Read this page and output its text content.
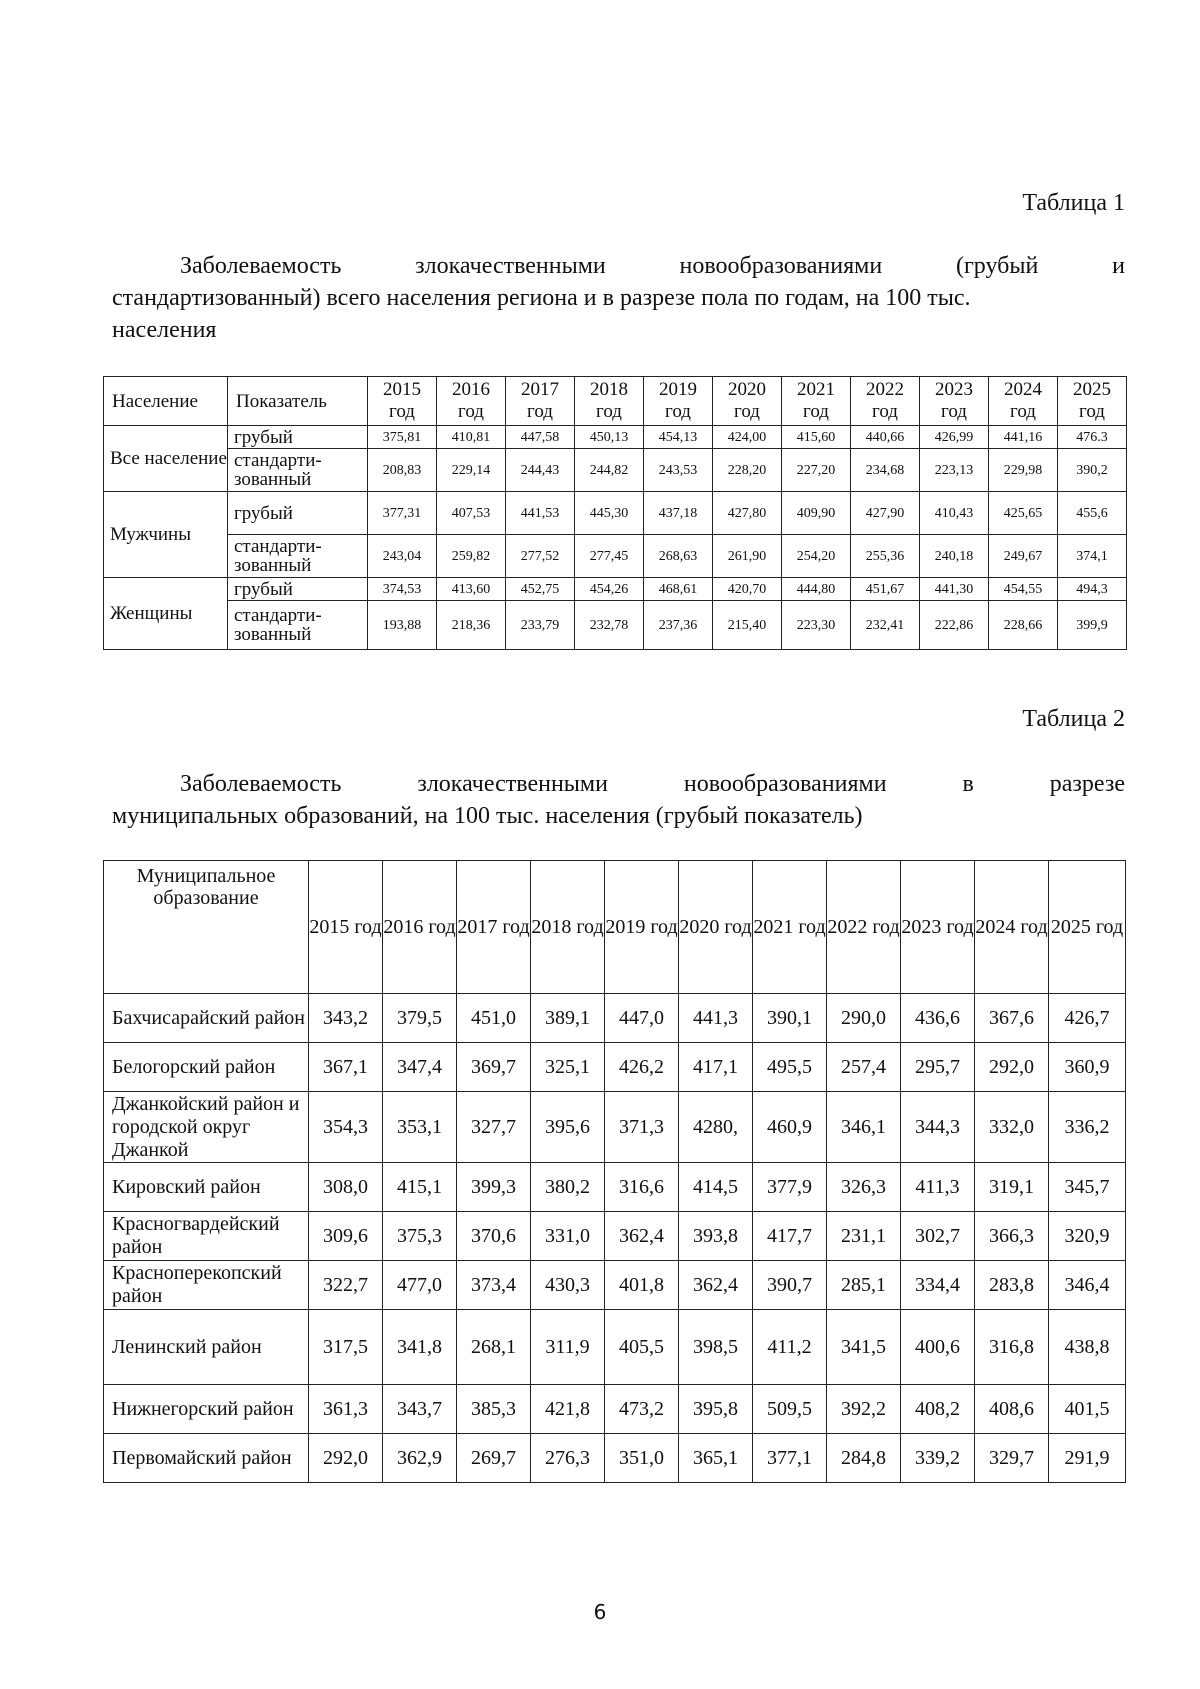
Таблица 1
Заболеваемость	злокачественными	новообразованиями	(грубый	и
стандартизованный) всего населения региона и в разрезе пола по годам, на 100 тыс.
населения
Население	Показатель	2015 год	2016 год	2017 год	2018 год	2019 год	2020 год	2021 год	2022 год	2023 год	2024 год	2025 год
Все население	грубый	375,81	410,81	447,58	450,13	454,13	424,00	415,60	440,66	426,99	441,16	476.3
	стандарти-зованный	208,83	229,14	244,43	244,82	243,53	228,20	227,20	234,68	223,13	229,98	390,2
Мужчины	грубый	377,31	407,53	441,53	445,30	437,18	427,80	409,90	427,90	410,43	425,65	455,6
	стандарти-зованный	243,04	259,82	277,52	277,45	268,63	261,90	254,20	255,36	240,18	249,67	374,1
Женщины	грубый	374,53	413,60	452,75	454,26	468,61	420,70	444,80	451,67	441,30	454,55	494,3
	стандарти-зованный	193,88	218,36	233,79	232,78	237,36	215,40	223,30	232,41	222,86	228,66	399,9
Таблица 2
Заболеваемость	злокачественными	новообразованиями	в	разрезе
муниципальных образований, на 100 тыс. населения (грубый показатель)
Муниципальное образование	2015 год	2016 год	2017 год	2018 год	2019 год	2020 год	2021 год	2022 год	2023 год	2024 год	2025 год
Бахчисарайский район	343,2	379,5	451,0	389,1	447,0	441,3	390,1	290,0	436,6	367,6	426,7
Белогорский район	367,1	347,4	369,7	325,1	426,2	417,1	495,5	257,4	295,7	292,0	360,9
Джанкойский район и городской округ Джанкой	354,3	353,1	327,7	395,6	371,3	4280,	460,9	346,1	344,3	332,0	336,2
Кировский район	308,0	415,1	399,3	380,2	316,6	414,5	377,9	326,3	411,3	319,1	345,7
Красногвардейский район	309,6	375,3	370,6	331,0	362,4	393,8	417,7	231,1	302,7	366,3	320,9
Красноперекопский район	322,7	477,0	373,4	430,3	401,8	362,4	390,7	285,1	334,4	283,8	346,4
Ленинский район	317,5	341,8	268,1	311,9	405,5	398,5	411,2	341,5	400,6	316,8	438,8
Нижнегорский район	361,3	343,7	385,3	421,8	473,2	395,8	509,5	392,2	408,2	408,6	401,5
Первомайский район	292,0	362,9	269,7	276,3	351,0	365,1	377,1	284,8	339,2	329,7	291,9
6
